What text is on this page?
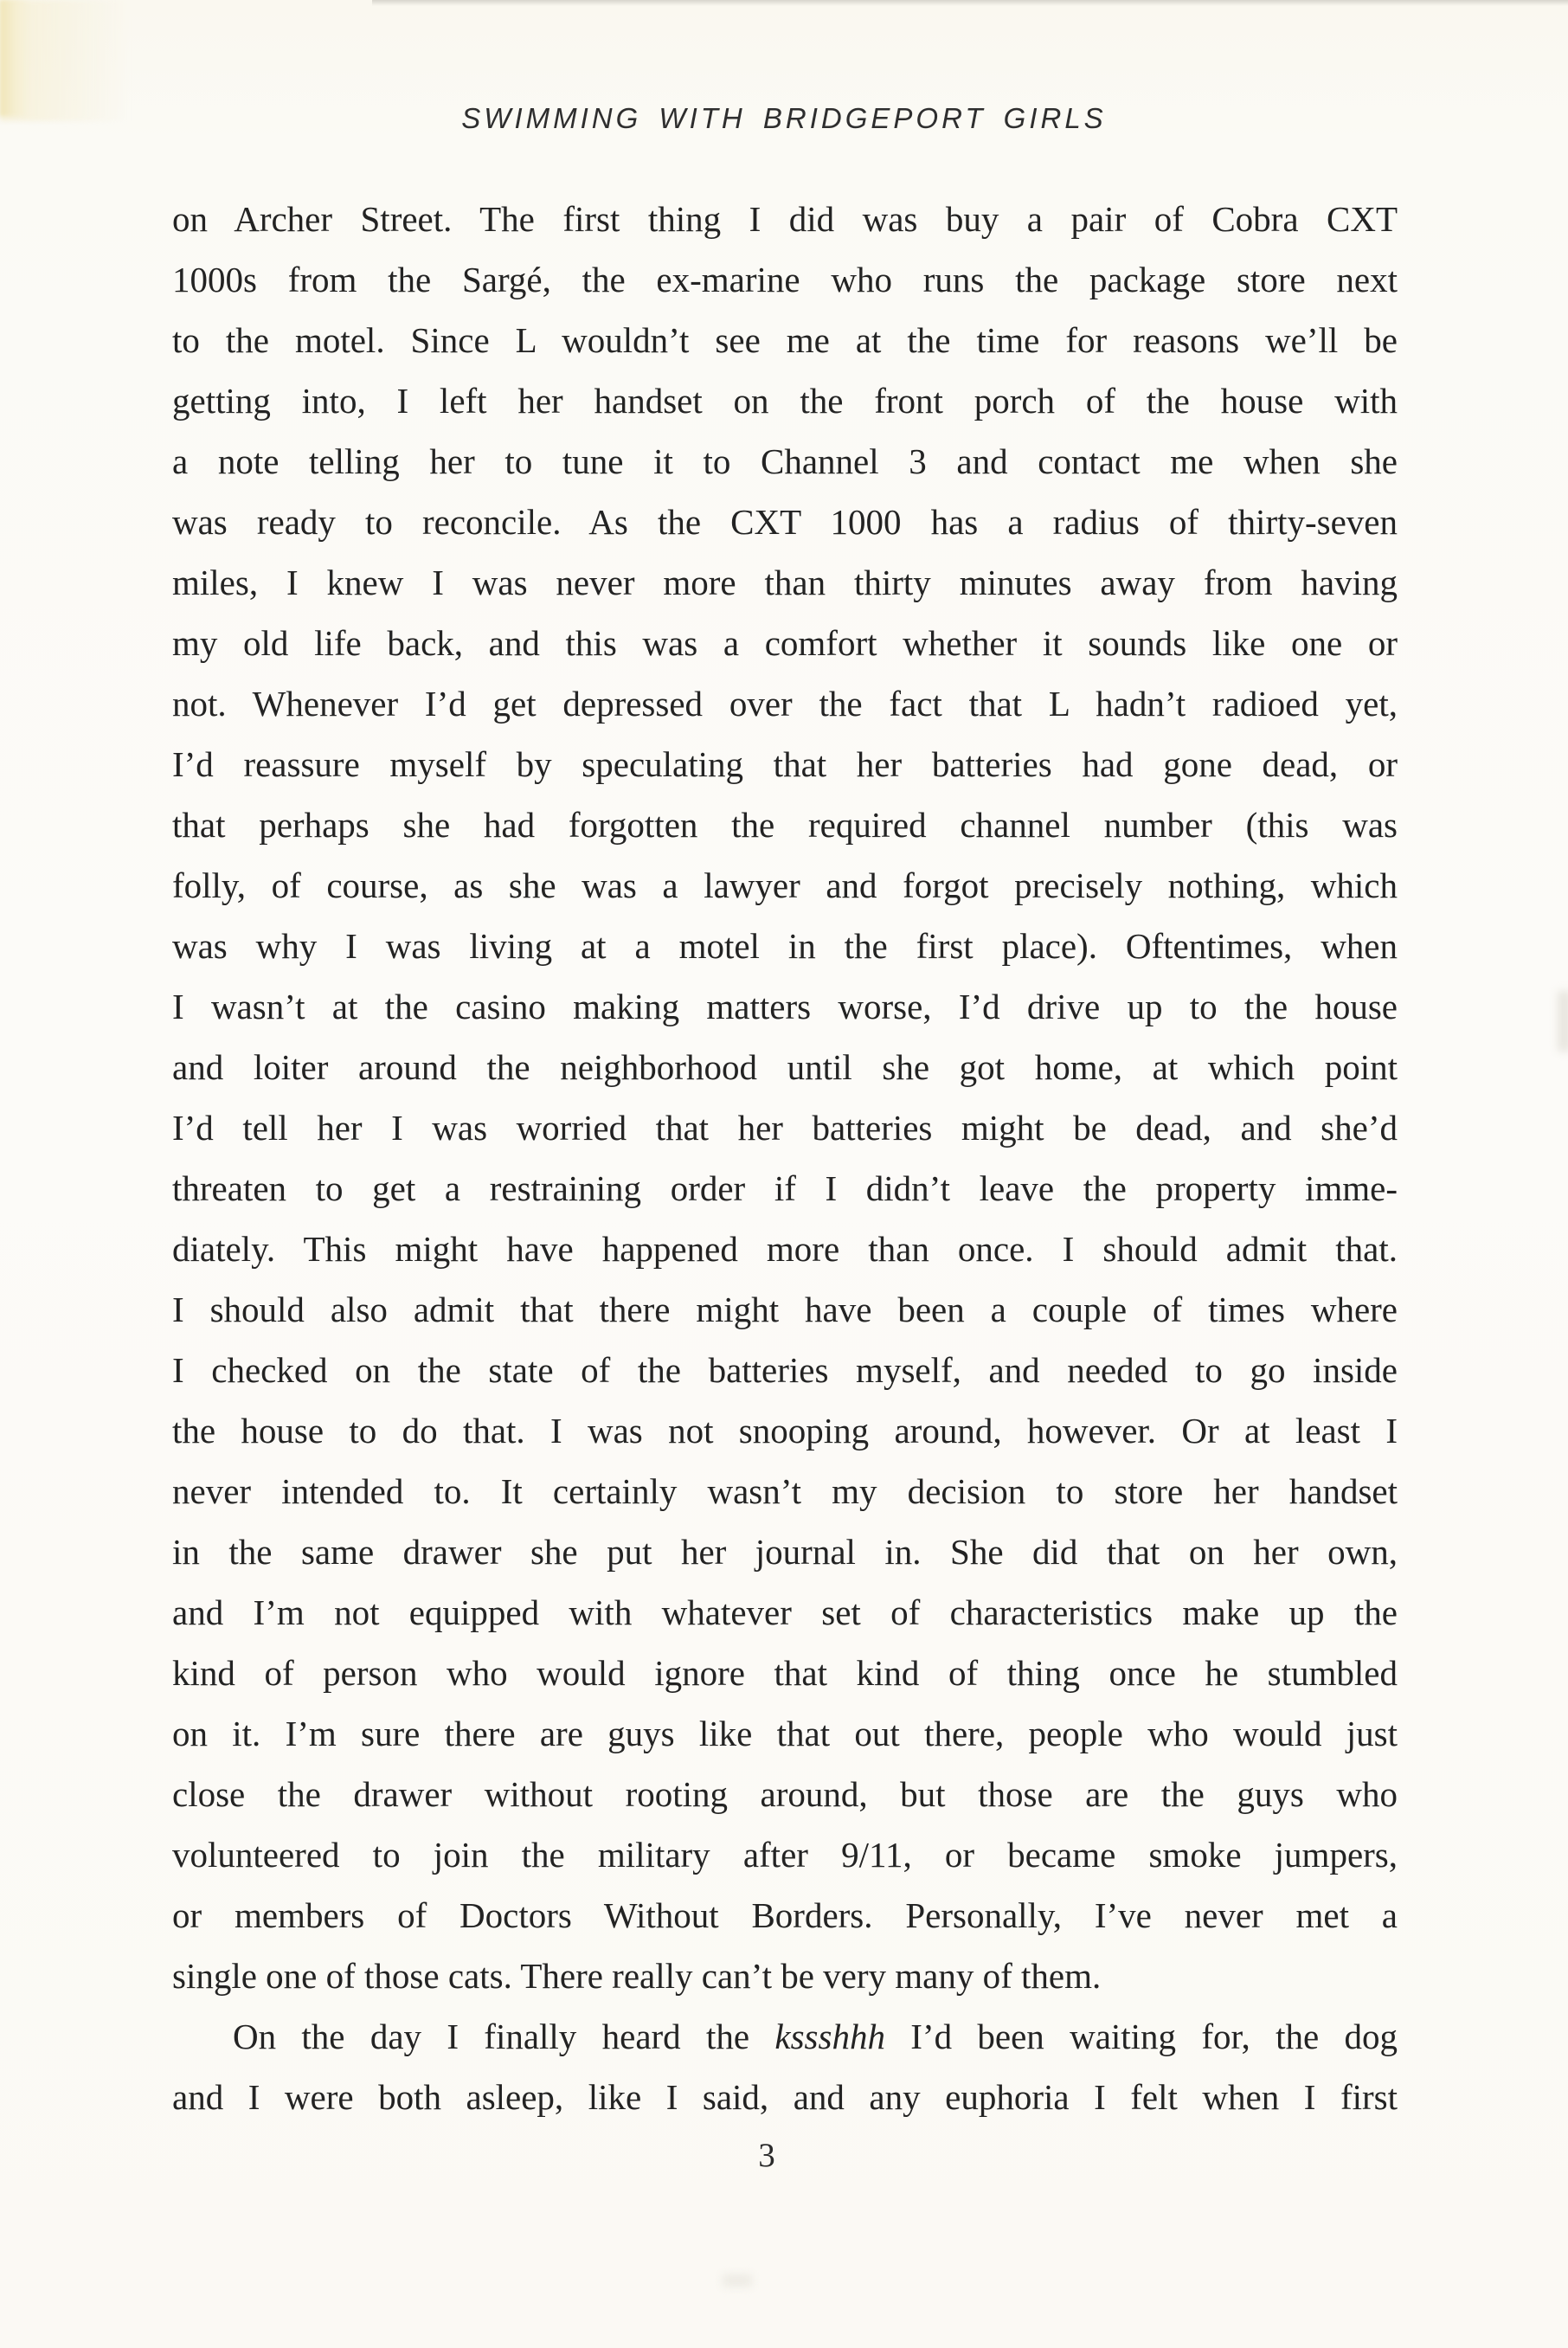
SWIMMING WITH BRIDGEPORT GIRLS
on Archer Street. The first thing I did was buy a pair of Cobra CXT
1000s from the Sargé, the ex-marine who runs the package store next
to the motel. Since L wouldn’t see me at the time for reasons we’ll be
getting into, I left her handset on the front porch of the house with
a note telling her to tune it to Channel 3 and contact me when she
was ready to reconcile. As the CXT 1000 has a radius of thirty-seven
miles, I knew I was never more than thirty minutes away from having
my old life back, and this was a comfort whether it sounds like one or
not. Whenever I’d get depressed over the fact that L hadn’t radioed yet,
I’d reassure myself by speculating that her batteries had gone dead, or
that perhaps she had forgotten the required channel number (this was
folly, of course, as she was a lawyer and forgot precisely nothing, which
was why I was living at a motel in the first place). Oftentimes, when
I wasn’t at the casino making matters worse, I’d drive up to the house
and loiter around the neighborhood until she got home, at which point
I’d tell her I was worried that her batteries might be dead, and she’d
threaten to get a restraining order if I didn’t leave the property imme-
diately. This might have happened more than once. I should admit that.
I should also admit that there might have been a couple of times where
I checked on the state of the batteries myself, and needed to go inside
the house to do that. I was not snooping around, however. Or at least I
never intended to. It certainly wasn’t my decision to store her handset
in the same drawer she put her journal in. She did that on her own,
and I’m not equipped with whatever set of characteristics make up the
kind of person who would ignore that kind of thing once he stumbled
on it. I’m sure there are guys like that out there, people who would just
close the drawer without rooting around, but those are the guys who
volunteered to join the military after 9/11, or became smoke jumpers,
or members of Doctors Without Borders. Personally, I’ve never met a
single one of those cats. There really can’t be very many of them.
On the day I finally heard the kssshhh I’d been waiting for, the dog
and I were both asleep, like I said, and any euphoria I felt when I first
3
